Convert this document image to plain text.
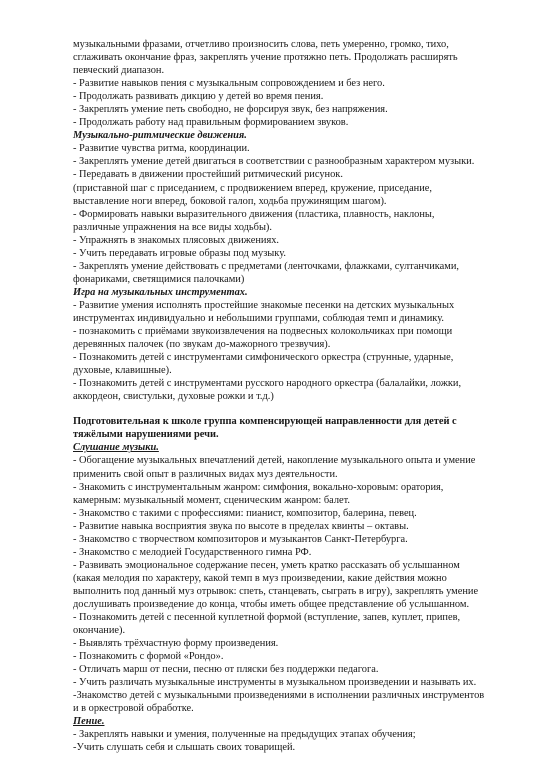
музыкальными фразами, отчетливо произносить слова, петь умеренно, громко, тихо,

сглаживать окончание фраз, закреплять учение протяжно петь. Продолжать расширять

певческий диапазон.

- Развитие навыков пения с музыкальным сопровождением и без него.

- Продолжать развивать дикцию у детей во время пения.

- Закреплять умение петь свободно, не форсируя звук, без напряжения.

- Продолжать работу над правильным формированием звуков.

Музыкально-ритмические движения.

- Развитие чувства ритма, координации.

- Закреплять умение детей двигаться в соответствии с разнообразным характером музыки.

- Передавать в движении простейший ритмический рисунок.

(приставной шаг с приседанием, с продвижением вперед, кружение, приседание,

выставление ноги вперед, боковой галоп, ходьба пружинящим шагом).

- Формировать навыки выразительного движения (пластика, плавность, наклоны,

различные упражнения на все виды ходьбы).

- Упражнять в знакомых плясовых движениях.

- Учить передавать игровые образы под музыку.

- Закреплять умение действовать с предметами (ленточками, флажками, султанчиками,

фонариками, светящимися палочками)

Игра на музыкальных инструментах.

- Развитие умения исполнять простейшие знакомые песенки на детских музыкальных

инструментах индивидуально и небольшими группами, соблюдая темп и динамику.

- познакомить с приёмами звукоизвлечения на подвесных колокольчиках при помощи

деревянных палочек (по звукам до-мажорного трезвучия).

- Познакомить детей с инструментами симфонического оркестра (струнные, ударные,

духовые, клавишные).

- Познакомить детей с инструментами русского народного оркестра (балалайки, ложки,

аккордеон, свистульки, духовые рожки и т.д.)

Подготовительная к школе группа компенсирующей направленности для детей с

тяжёлыми нарушениями речи.

Слушание музыки.

- Обогащение музыкальных впечатлений детей, накопление музыкального опыта и умение

применить свой опыт в различных видах муз деятельности.

- Знакомить с инструментальным жанром: симфония, вокально-хоровым: оратория,

камерным: музыкальный момент, сценическим жанром: балет.

- Знакомство с такими с профессиями: пианист, композитор, балерина, певец.

- Развитие навыка восприятия звука по высоте в пределах квинты – октавы.

- Знакомство с творчеством композиторов и музыкантов Санкт-Петербурга.

- Знакомство с мелодией Государственного гимна РФ.

- Развивать эмоциональное содержание песен, уметь кратко рассказать об услышанном

(какая мелодия по характеру, какой темп в муз произведении, какие действия можно

выполнить под данный муз отрывок: спеть, станцевать, сыграть в игру), закреплять умение

дослушивать произведение до конца, чтобы иметь общее представление об услышанном.

- Познакомить детей с песенной куплетной формой (вступление, запев, куплет, припев,

окончание).

- Выявлять трёхчастную форму произведения.

- Познакомить с формой «Рондо».

- Отличать марш от песни, песню от пляски без поддержки педагога.

- Учить различать музыкальные инструменты в музыкальном произведении и называть их.

-Знакомство детей с музыкальными произведениями в исполнении различных инструментов

и в оркестровой обработке.

Пение.

- Закреплять навыки и умения, полученные на предыдущих этапах обучения;

-Учить слушать себя и слышать своих товарищей.
